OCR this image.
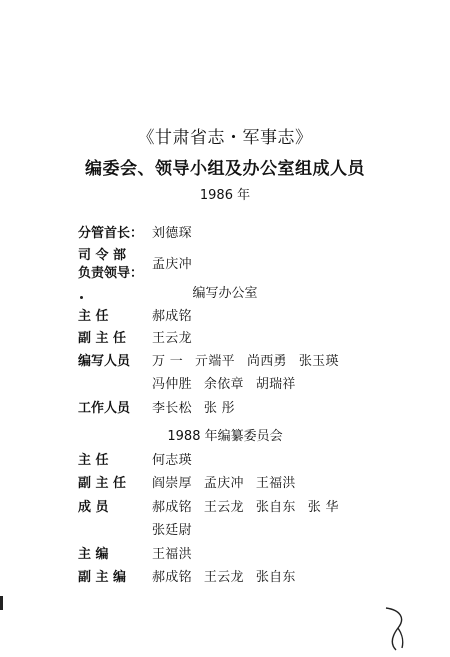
《甘肃省志・军事志》
编委会、领导小组及办公室组成人员
1986 年
分管首长： 刘德琛
司 令 部
负责领导：
孟庆冲
编写办公室
主 任	郝成铭
副 主 任 王云龙
编写人员 万 一 亓端平 尚西勇 张玉瑛
冯仲胜 余依章 胡瑞祥
工作人员 李长松 张 彤
1988 年编纂委员会
主 任	何志瑛
副 主 任 阎崇厚 孟庆冲 王福洪
成 员	郝成铭 王云龙 张自东 张 华
张廷尉
主 编	王福洪
副 主 编 郝成铭 王云龙 张自东
